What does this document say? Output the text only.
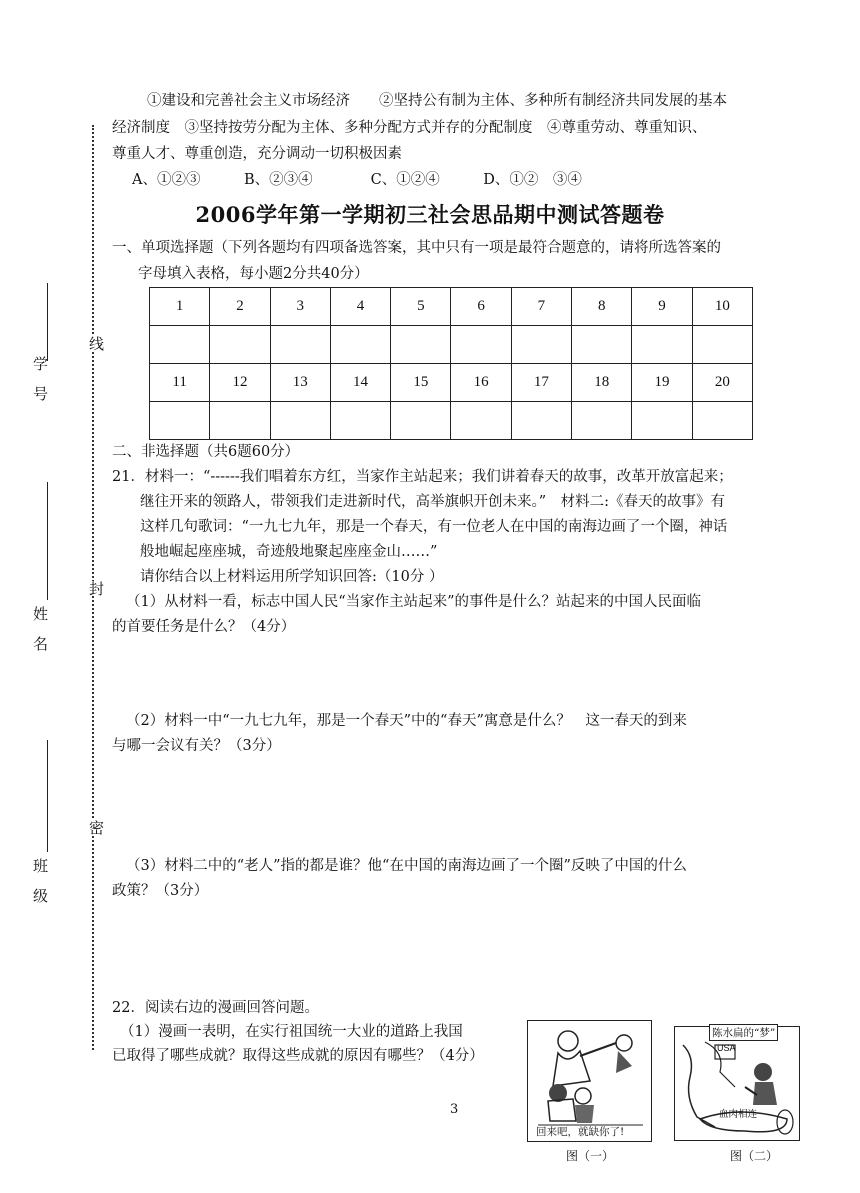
学　号
姓　名
班　级
线
封
密
①建设和完善社会主义市场经济　　②坚持公有制为主体、多种所有制经济共同发展的基本
经济制度　③坚持按劳分配为主体、多种分配方式并存的分配制度　④尊重劳动、尊重知识、
尊重人才、尊重创造，充分调动一切积极因素
A、①②③　　　B、②③④　　　　C、①②④　　　D、①②　③④
2006学年第一学期初三社会思品期中测试答题卷
一、单项选择题（下列各题均有四项备选答案，其中只有一项是最符合题意的，请将所选答案的
字母填入表格，每小题2分共40分）
1	2	3	4	5	6	7	8	9	10

11	12	13	14	15	16	17	18	19	20

二、非选择题（共6题60分）
21．材料一：“------我们唱着东方红，当家作主站起来；我们讲着春天的故事，改革开放富起来；
继往开来的领路人，带领我们走进新时代，高举旗帜开创未来。”　材料二:《春天的故事》有
这样几句歌词：“一九七九年，那是一个春天，有一位老人在中国的南海边画了一个圈，神话
般地崛起座座城，奇迹般地聚起座座金山……”
请你结合以上材料运用所学知识回答:（10分 ）
（1）从材料一看，标志中国人民“当家作主站起来”的事件是什么？站起来的中国人民面临
的首要任务是什么？（4分）
（2）材料一中“一九七九年，那是一个春天”中的“春天”寓意是什么？　这一春天的到来
与哪一会议有关？（3分）
（3）材料二中的“老人”指的都是谁？他“在中国的南海边画了一个圈”反映了中国的什么
政策？（3分）
22．阅读右边的漫画回答问题。
（1）漫画一表明，在实行祖国统一大业的道路上我国
已取得了哪些成就？取得这些成就的原因有哪些？（4分）
3
回来吧，就缺你了!
图（一）
陈水扁的“梦”
USA
血肉相连
图（二）
